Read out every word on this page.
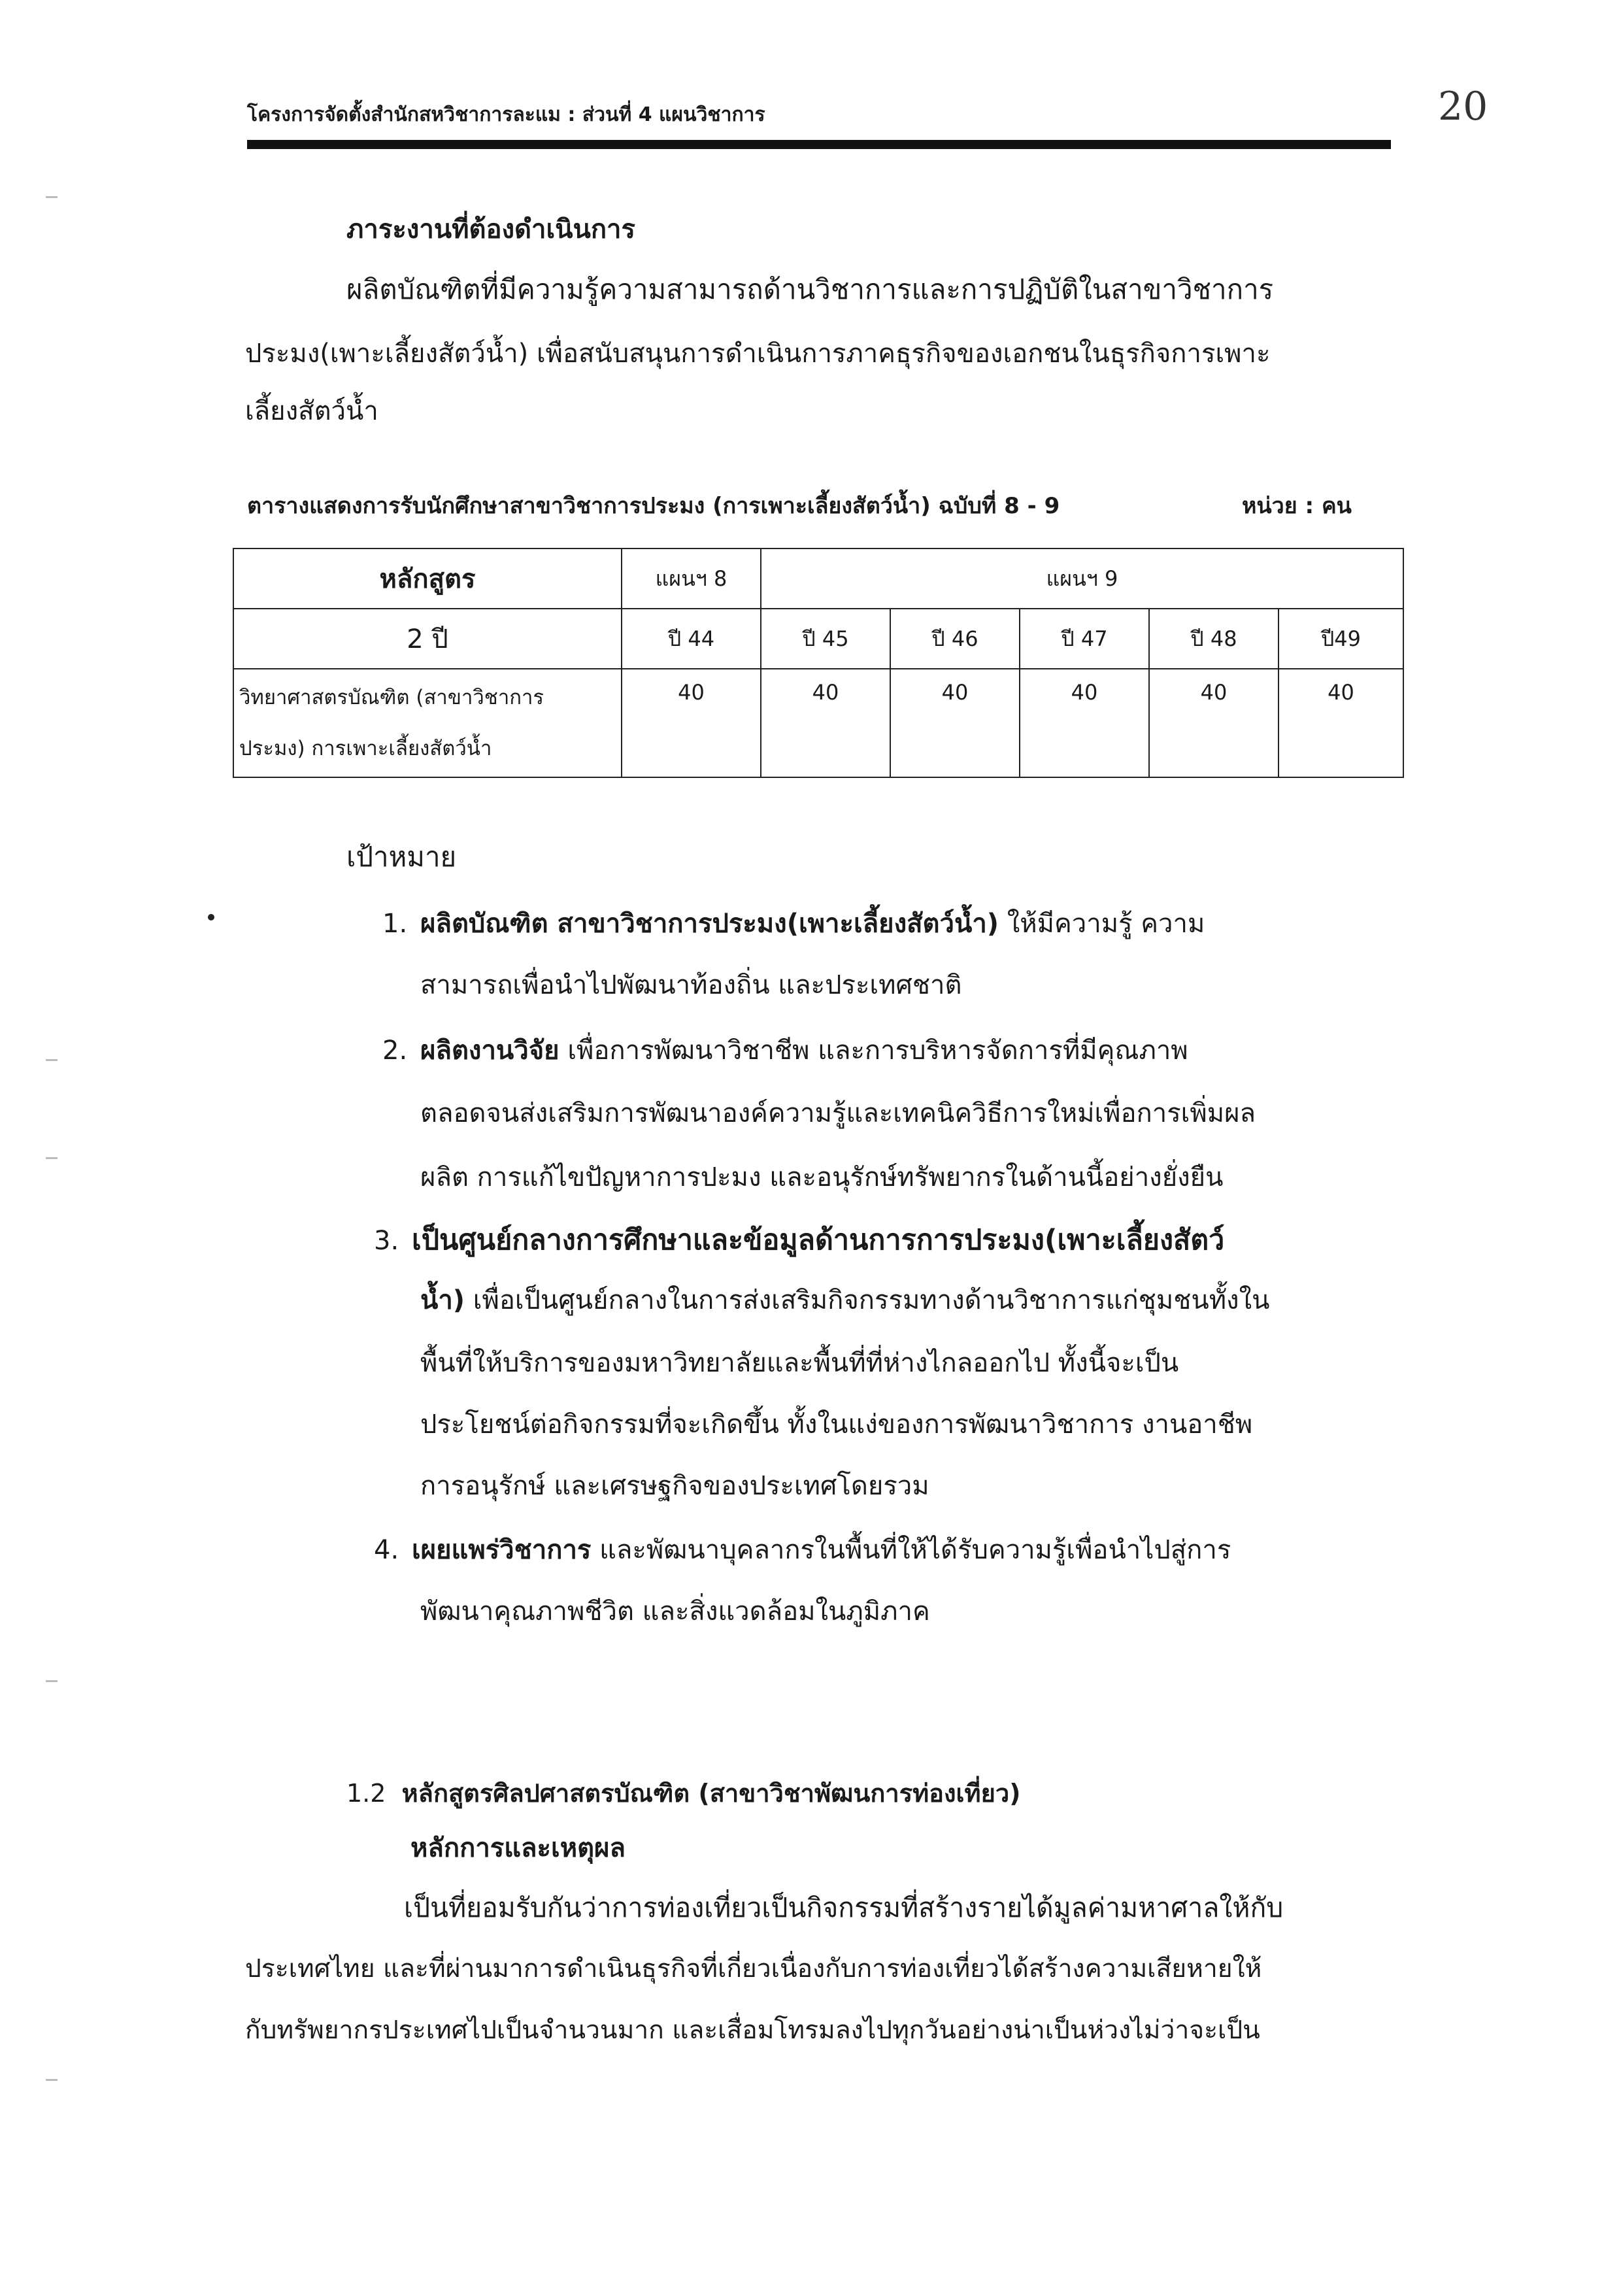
โครงการจัดตั้งสำนักสหวิชาการละแม : ส่วนที่ 4 แผนวิชาการ	20
ภาระงานที่ต้องดำเนินการ
ผลิตบัณฑิตที่มีความรู้ความสามารถด้านวิชาการและการปฏิบัติในสาขาวิชาการ
ประมง(เพาะเลี้ยงสัตว์น้ำ) เพื่อสนับสนุนการดำเนินการภาคธุรกิจของเอกชนในธุรกิจการเพาะ
เลี้ยงสัตว์น้ำ
ตารางแสดงการรับนักศึกษาสาขาวิชาการประมง (การเพาะเลี้ยงสัตว์น้ำ) ฉบับที่ 8 - 9	หน่วย : คน
หลักสูตร	แผนฯ 8	แผนฯ 9				
2 ปี	ปี 44	ปี 45	ปี 46	ปี 47	ปี 48	ปี49

วิทยาศาสตรบัณฑิต (สาขาวิชาการ
ประมง) การเพาะเลี้ยงสัตว์น้ำ	40	40	40	40	40	40
เป้าหมาย
1. ผลิตบัณฑิต สาขาวิชาการประมง(เพาะเลี้ยงสัตว์น้ำ) ให้มีความรู้ ความ
สามารถเพื่อนำไปพัฒนาท้องถิ่น และประเทศชาติ
2. ผลิตงานวิจัย เพื่อการพัฒนาวิชาชีพ และการบริหารจัดการที่มีคุณภาพ
ตลอดจนส่งเสริมการพัฒนาองค์ความรู้และเทคนิควิธีการใหม่เพื่อการเพิ่มผล
ผลิต การแก้ไขปัญหาการปะมง และอนุรักษ์ทรัพยากรในด้านนี้อย่างยั่งยืน
3. เป็นศูนย์กลางการศึกษาและข้อมูลด้านการการประมง(เพาะเลี้ยงสัตว์
น้ำ) เพื่อเป็นศูนย์กลางในการส่งเสริมกิจกรรมทางด้านวิชาการแก่ชุมชนทั้งใน
พื้นที่ให้บริการของมหาวิทยาลัยและพื้นที่ที่ห่างไกลออกไป ทั้งนี้จะเป็น
ประโยชน์ต่อกิจกรรมที่จะเกิดขึ้น ทั้งในแง่ของการพัฒนาวิชาการ งานอาชีพ
การอนุรักษ์ และเศรษฐกิจของประเทศโดยรวม
4. เผยแพร่วิชาการ และพัฒนาบุคลากรในพื้นที่ให้ได้รับความรู้เพื่อนำไปสู่การ
พัฒนาคุณภาพชีวิต และสิ่งแวดล้อมในภูมิภาค
1.2 หลักสูตรศิลปศาสตรบัณฑิต (สาขาวิชาพัฒนการท่องเที่ยว)
หลักการและเหตุผล
เป็นที่ยอมรับกันว่าการท่องเที่ยวเป็นกิจกรรมที่สร้างรายได้มูลค่ามหาศาลให้กับ
ประเทศไทย และที่ผ่านมาการดำเนินธุรกิจที่เกี่ยวเนื่องกับการท่องเที่ยวได้สร้างความเสียหายให้
กับทรัพยากรประเทศไปเป็นจำนวนมาก และเสื่อมโทรมลงไปทุกวันอย่างน่าเป็นห่วงไม่ว่าจะเป็น
